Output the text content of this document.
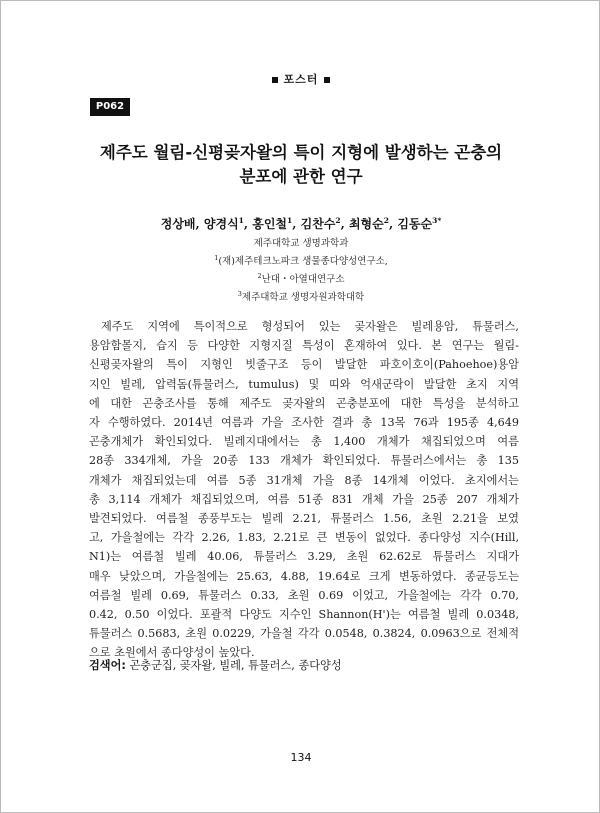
포스터
P062
제주도 월림-신평곶자왈의 특이 지형에 발생하는 곤충의
분포에 관한 연구
정상배, 양경식$^1$, 홍인철$^1$, 김찬수$^2$, 최형순$^2$, 김동순$^{3*}$
제주대학교 생명과학과
$^1$(재)제주테크노파크 생물종다양성연구소,
$^2$난대・아열대연구소
$^3$제주대학교 생명자원과학대학
제주도 지역에 특이적으로 형성되어 있는 곶자왈은 빌레용암, 튜물러스,
용암함몰지, 습지 등 다양한 지형지질 특성이 혼재하여 있다. 본 연구는 월림-
신평곶자왈의 특이 지형인 빗줄구조 등이 발달한 파호이호이(Pahoehoe)용암
지인 빌레, 압력돔(튜물러스, tumulus) 및 띠와 억새군락이 발달한 초지 지역
에 대한 곤충조사를 통해 제주도 곶자왈의 곤충분포에 대한 특성을 분석하고
자 수행하였다. 2014년 여름과 가을 조사한 결과 총 13목 76과 195종 4,649
곤충개체가 확인되었다. 빌레지대에서는 총 1,400 개체가 채집되었으며 여름
28종 334개체, 가을 20종 133 개체가 확인되었다. 튜물러스에서는 총 135
개체가 채집되었는데 여름 5종 31개체 가을 8종 14개체 이었다. 초지에서는
총 3,114 개체가 채집되었으며, 여름 51종 831 개체 가을 25종 207 개체가
발견되었다. 여름철 종풍부도는 빌레 2.21, 튜물러스 1.56, 초원 2.21을 보였
고, 가을철에는 각각 2.26, 1.83, 2.21로 큰 변동이 없었다. 종다양성 지수(Hill,
N1)는 여름철 빌레 40.06, 튜물러스 3.29, 초원 62.62로 튜물러스 지대가
매우 낮았으며, 가을철에는 25.63, 4.88, 19.64로 크게 변동하였다. 종균등도는
여름철 빌레 0.69, 튜물러스 0.33, 초원 0.69 이었고, 가을철에는 각각 0.70,
0.42, 0.50 이었다. 포괄적 다양도 지수인 Shannon(H')는 여름철 빌레 0.0348,
튜물러스 0.5683, 초원 0.0229, 가을철 각각 0.0548, 0.3824, 0.0963으로 전체적
으로 초원에서 종다양성이 높았다.
검색어: 곤충군집, 곶자왈, 빌레, 튜물러스, 종다양성
134
